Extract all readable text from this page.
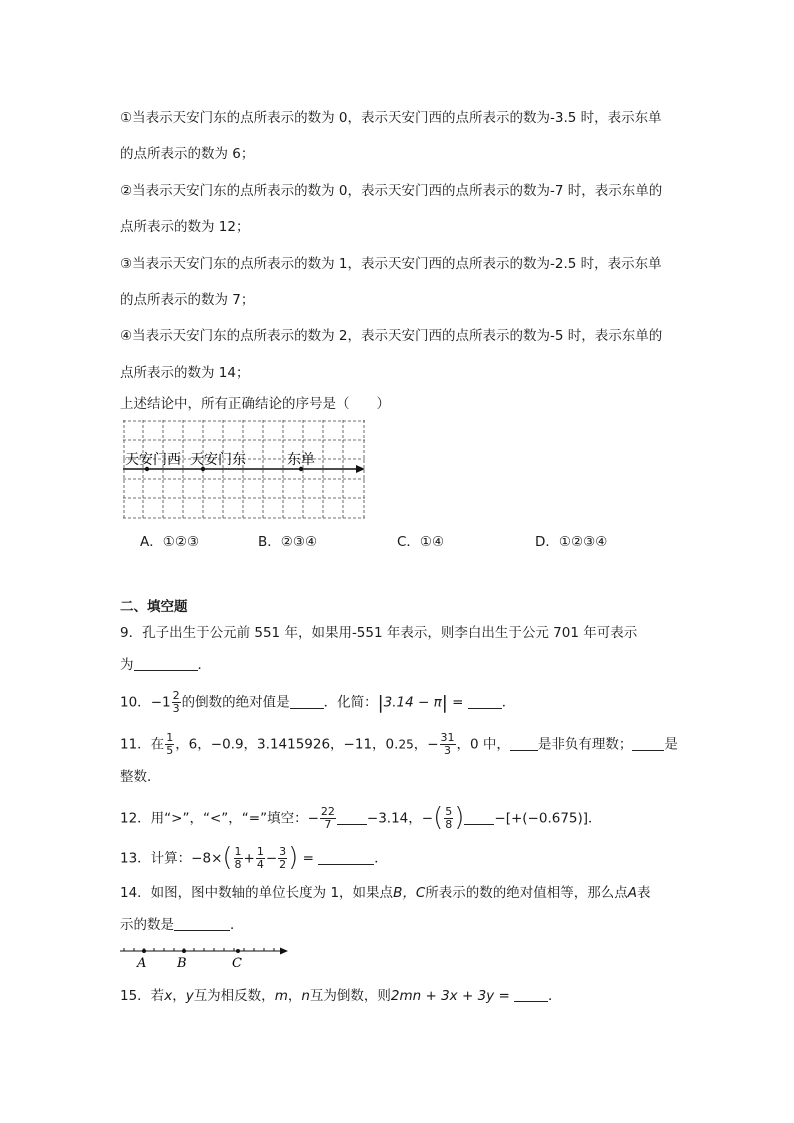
①当表示天安门东的点所表示的数为 0，表示天安门西的点所表示的数为-3.5 时，表示东单
的点所表示的数为 6；
②当表示天安门东的点所表示的数为 0，表示天安门西的点所表示的数为-7 时，表示东单的
点所表示的数为 12；
③当表示天安门东的点所表示的数为 1，表示天安门西的点所表示的数为-2.5 时，表示东单
的点所表示的数为 7；
④当表示天安门东的点所表示的数为 2，表示天安门西的点所表示的数为-5 时，表示东单的
点所表示的数为 14；
上述结论中，所有正确结论的序号是（　　）
天安门西 天安门东	东单
A．①②③	B．②③④	C．①④	D．①②③④
二、填空题
9．孔子出生于公元前 551 年，如果用-551 年表示，则李白出生于公元 701 年可表示
为	．
10．$-1 \frac{2}{3}$ 的倒数的绝对值是	．化简：|3.14 − π| =	．
11．在 $\frac{1}{5}$ ，6，−0.9，3.1415926，−11，0.25，− $\frac{31}{3}$ ，0 中， 是非负有理数； 是
整数．
12．用“>”，“<”，“=”填空：− $\frac{22}{7} -3.14$，−( $\frac{5}{8}$ ) −[+(−0.675)]．
13．计算：$-8\times( \frac{1}{8} + \frac{1}{4} - \frac{3}{2}$ ) =	．
14．如图，图中数轴的单位长度为 1，如果点B，C所表示的数的绝对值相等，那么点A表
示的数是	．
A B	C
15．若x，y互为相反数，m，n互为倒数，则2mn + 3x + 3y =	．
